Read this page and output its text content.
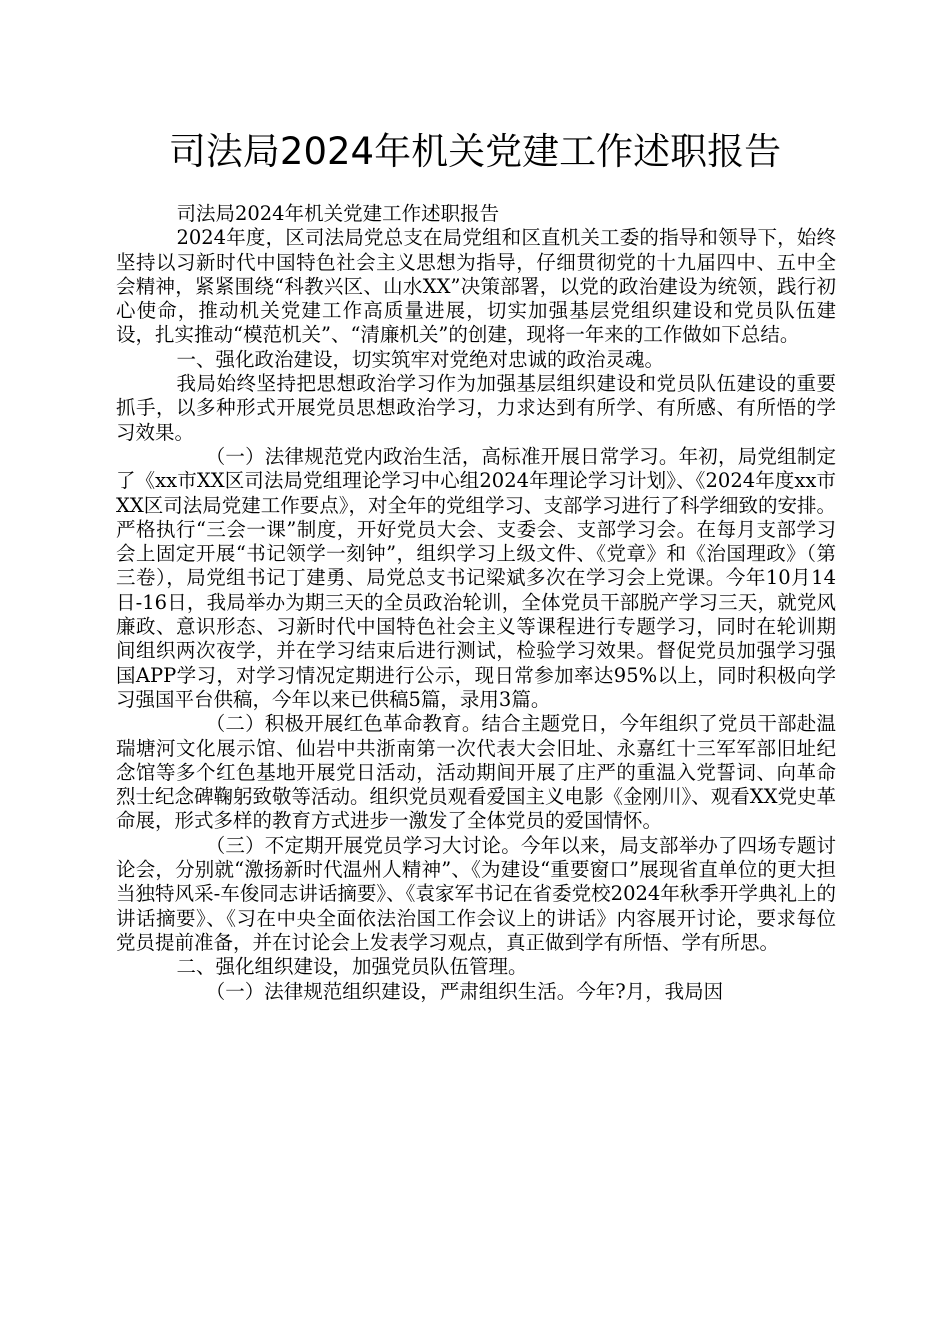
司法局2024年机关党建工作述职报告

司法局2024年机关党建工作述职报告

2024年度，区司法局党总支在局党组和区直机关工委的指导和领导下，始终坚持以习新时代中国特色社会主义思想为指导，仔细贯彻党的十九届四中、五中全会精神，紧紧围绕“科教兴区、山水XX”决策部署，以党的政治建设为统领，践行初心使命，推动机关党建工作高质量进展，切实加强基层党组织建设和党员队伍建设，扎实推动“模范机关”、“清廉机关”的创建，现将一年来的工作做如下总结。

一、强化政治建设，切实筑牢对党绝对忠诚的政治灵魂。

我局始终坚持把思想政治学习作为加强基层组织建设和党员队伍建设的重要抓手，以多种形式开展党员思想政治学习，力求达到有所学、有所感、有所悟的学习效果。

（一）法律规范党内政治生活，高标准开展日常学习。年初，局党组制定了《xx市XX区司法局党组理论学习中心组2024年理论学习计划》、《2024年度xx市XX区司法局党建工作要点》，对全年的党组学习、支部学习进行了科学细致的安排。严格执行“三会一课”制度，开好党员大会、支委会、支部学习会。在每月支部学习会上固定开展“书记领学一刻钟”，组织学习上级文件、《党章》和《治国理政》（第三卷），局党组书记丁建勇、局党总支书记梁斌多次在学习会上党课。今年10月14日-16日，我局举办为期三天的全员政治轮训，全体党员干部脱产学习三天，就党风廉政、意识形态、习新时代中国特色社会主义等课程进行专题学习，同时在轮训期间组织两次夜学，并在学习结束后进行测试，检验学习效果。督促党员加强学习强国APP学习，对学习情况定期进行公示，现日常参加率达95%以上，同时积极向学习强国平台供稿，今年以来已供稿5篇，录用3篇。

（二）积极开展红色革命教育。结合主题党日，今年组织了党员干部赴温瑞塘河文化展示馆、仙岩中共浙南第一次代表大会旧址、永嘉红十三军军部旧址纪念馆等多个红色基地开展党日活动，活动期间开展了庄严的重温入党誓词、向革命烈士纪念碑鞠躬致敬等活动。组织党员观看爱国主义电影《金刚川》、观看XX党史革命展，形式多样的教育方式进步一激发了全体党员的爱国情怀。

（三）不定期开展党员学习大讨论。今年以来，局支部举办了四场专题讨论会，分别就“激扬新时代温州人精神”、《为建设“重要窗口”展现省直单位的更大担当独特风采-车俊同志讲话摘要》、《袁家军书记在省委党校2024年秋季开学典礼上的讲话摘要》、《习在中央全面依法治国工作会议上的讲话》内容展开讨论，要求每位党员提前准备，并在讨论会上发表学习观点，真正做到学有所悟、学有所思。

二、强化组织建设，加强党员队伍管理。

（一）法律规范组织建设，严肃组织生活。今年?月，我局因
